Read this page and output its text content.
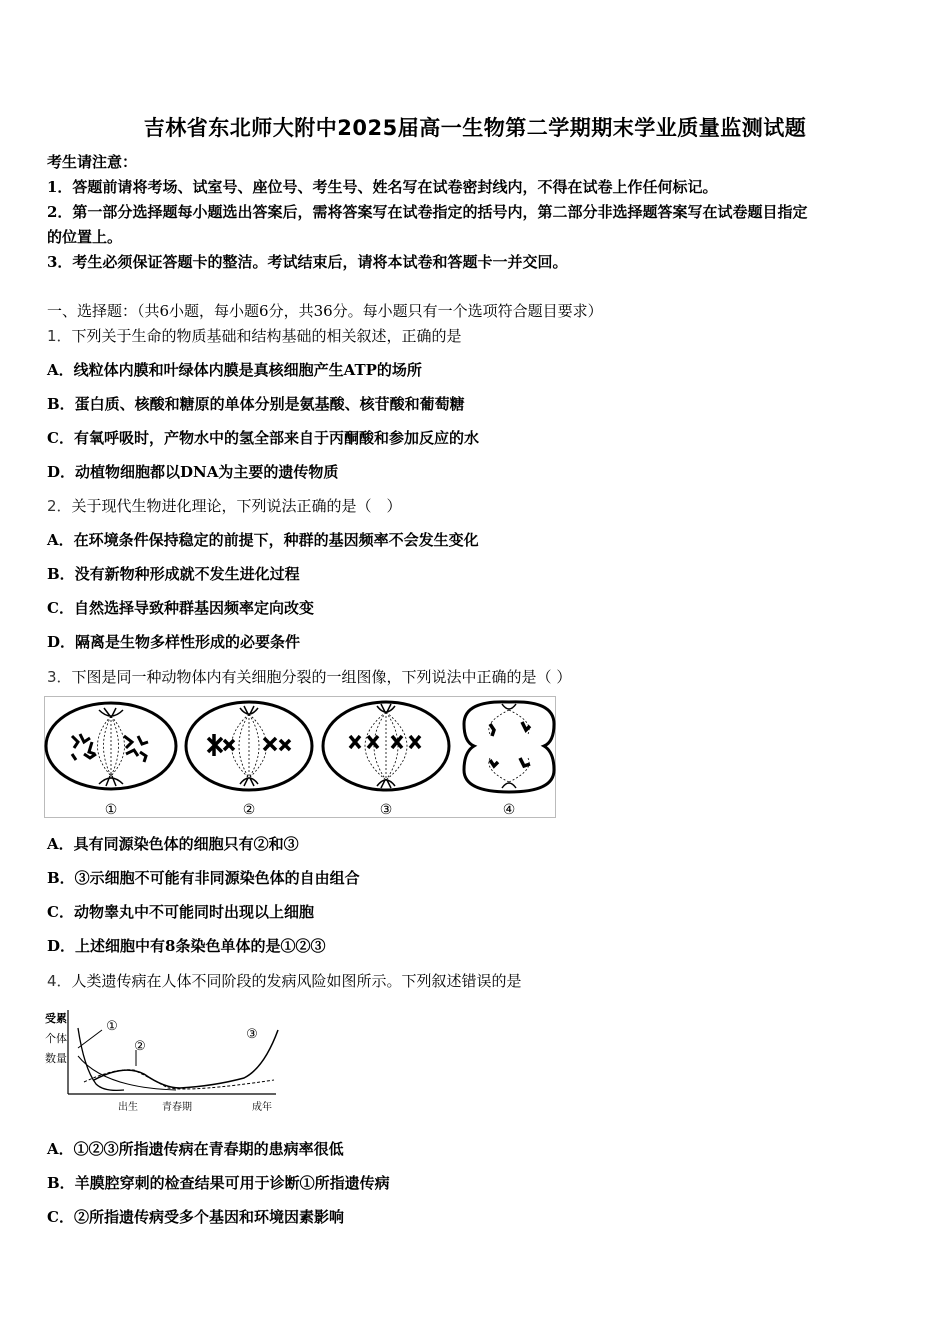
吉林省东北师大附中2025届高一生物第二学期期末学业质量监测试题
考生请注意：
1．答题前请将考场、试室号、座位号、考生号、姓名写在试卷密封线内，不得在试卷上作任何标记。
2．第一部分选择题每小题选出答案后，需将答案写在试卷指定的括号内，第二部分非选择题答案写在试卷题目指定
的位置上。
3．考生必须保证答题卡的整洁。考试结束后，请将本试卷和答题卡一并交回。
一、选择题：（共6小题，每小题6分，共36分。每小题只有一个选项符合题目要求）
1．下列关于生命的物质基础和结构基础的相关叙述，正确的是
A．线粒体内膜和叶绿体内膜是真核细胞产生ATP的场所
B．蛋白质、核酸和糖原的单体分别是氨基酸、核苷酸和葡萄糖
C．有氧呼吸时，产物水中的氢全部来自于丙酮酸和参加反应的水
D．动植物细胞都以DNA为主要的遗传物质
2．关于现代生物进化理论，下列说法正确的是（　）
A．在环境条件保持稳定的前提下，种群的基因频率不会发生变化
B．没有新物种形成就不发生进化过程
C．自然选择导致种群基因频率定向改变
D．隔离是生物多样性形成的必要条件
3．下图是同一种动物体内有关细胞分裂的一组图像，下列说法中正确的是（ ）
①	②	③	④
A．具有同源染色体的细胞只有②和③
B．③示细胞不可能有非同源染色体的自由组合
C．动物睾丸中不可能同时出现以上细胞
D．上述细胞中有8条染色单体的是①②③
4．人类遗传病在人体不同阶段的发病风险如图所示。下列叙述错误的是
受累
个体
数量
①
②
③
出生 青春期	成年
A．①②③所指遗传病在青春期的患病率很低
B．羊膜腔穿刺的检查结果可用于诊断①所指遗传病
C．②所指遗传病受多个基因和环境因素影响
